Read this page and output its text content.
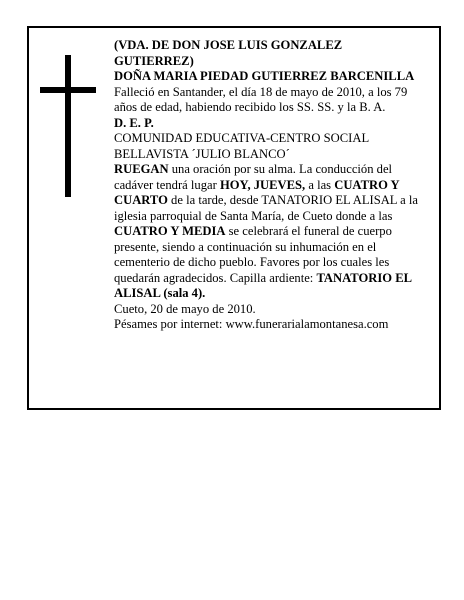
(VDA. DE DON JOSE LUIS GONZALEZ GUTIERREZ)

DOÑA MARIA PIEDAD GUTIERREZ BARCENILLA

Falleció en Santander, el día 18 de mayo de 2010, a los 79 años de edad, habiendo recibido los SS. SS. y la B. A.

D. E. P.

COMUNIDAD EDUCATIVA-CENTRO SOCIAL BELLAVISTA ´JULIO BLANCO´

RUEGAN una oración por su alma. La conducción del cadáver tendrá lugar HOY, JUEVES, a las CUATRO Y CUARTO de la tarde, desde TANATORIO EL ALISAL a la iglesia parroquial de Santa María, de Cueto donde a las CUATRO Y MEDIA se celebrará el funeral de cuerpo presente, siendo a continuación su inhumación en el cementerio de dicho pueblo. Favores por los cuales les quedarán agradecidos. Capilla ardiente: TANATORIO EL ALISAL (sala 4).

Cueto, 20 de mayo de 2010.

Pésames por internet: www.funerarialamontanesa.com
